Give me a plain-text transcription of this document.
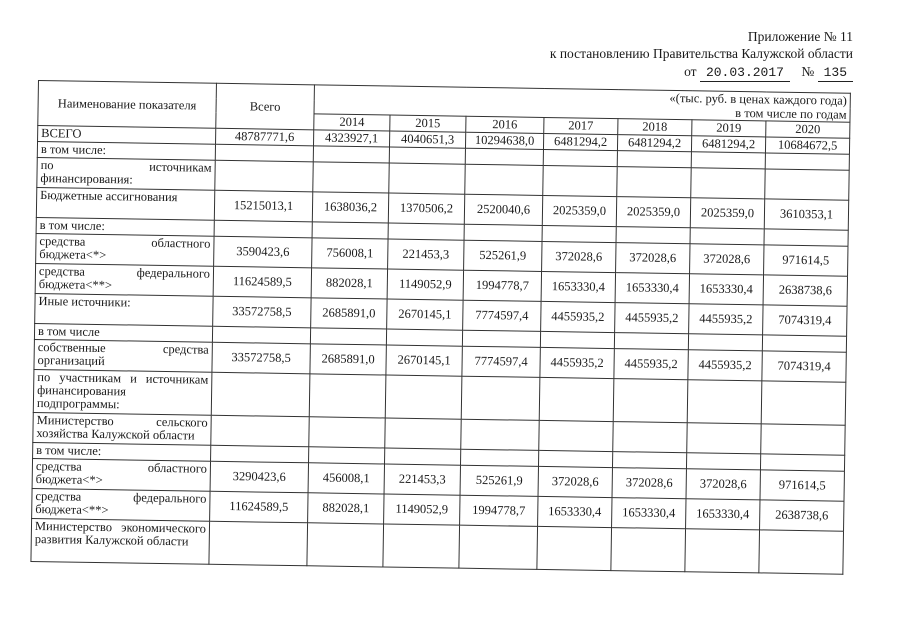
Приложение № 11
к постановлению Правительства Калужской области
от 20.03.2017 № 135
Наименование показателя	Всего	«(тыс. руб. в ценах каждого года)						
		в том числе по годам						
		2014	2015	2016	2017	2018	2019	2020
ВСЕГО	48787771,6	4323927,1	4040651,3	10294638,0	6481294,2	6481294,2	6481294,2	10684672,5
в том числе:								
по источникам финансирования:								
Бюджетные ассигнования	15215013,1	1638036,2	1370506,2	2520040,6	2025359,0	2025359,0	2025359,0	3610353,1
в том числе:								
средства областного бюджета<*>	3590423,6	756008,1	221453,3	525261,9	372028,6	372028,6	372028,6	971614,5
средства федерального бюджета<**>	11624589,5	882028,1	1149052,9	1994778,7	1653330,4	1653330,4	1653330,4	2638738,6
Иные источники:	33572758,5	2685891,0	2670145,1	7774597,4	4455935,2	4455935,2	4455935,2	7074319,4
в том числе								
собственные средства организаций	33572758,5	2685891,0	2670145,1	7774597,4	4455935,2	4455935,2	4455935,2	7074319,4
по участникам и источникам финансирования подпрограммы:								
Министерство сельского хозяйства Калужской области								
в том числе:								
средства областного бюджета<*>	3290423,6	456008,1	221453,3	525261,9	372028,6	372028,6	372028,6	971614,5
средства федерального бюджета<**>	11624589,5	882028,1	1149052,9	1994778,7	1653330,4	1653330,4	1653330,4	2638738,6
Министерство экономического развития Калужской области								
